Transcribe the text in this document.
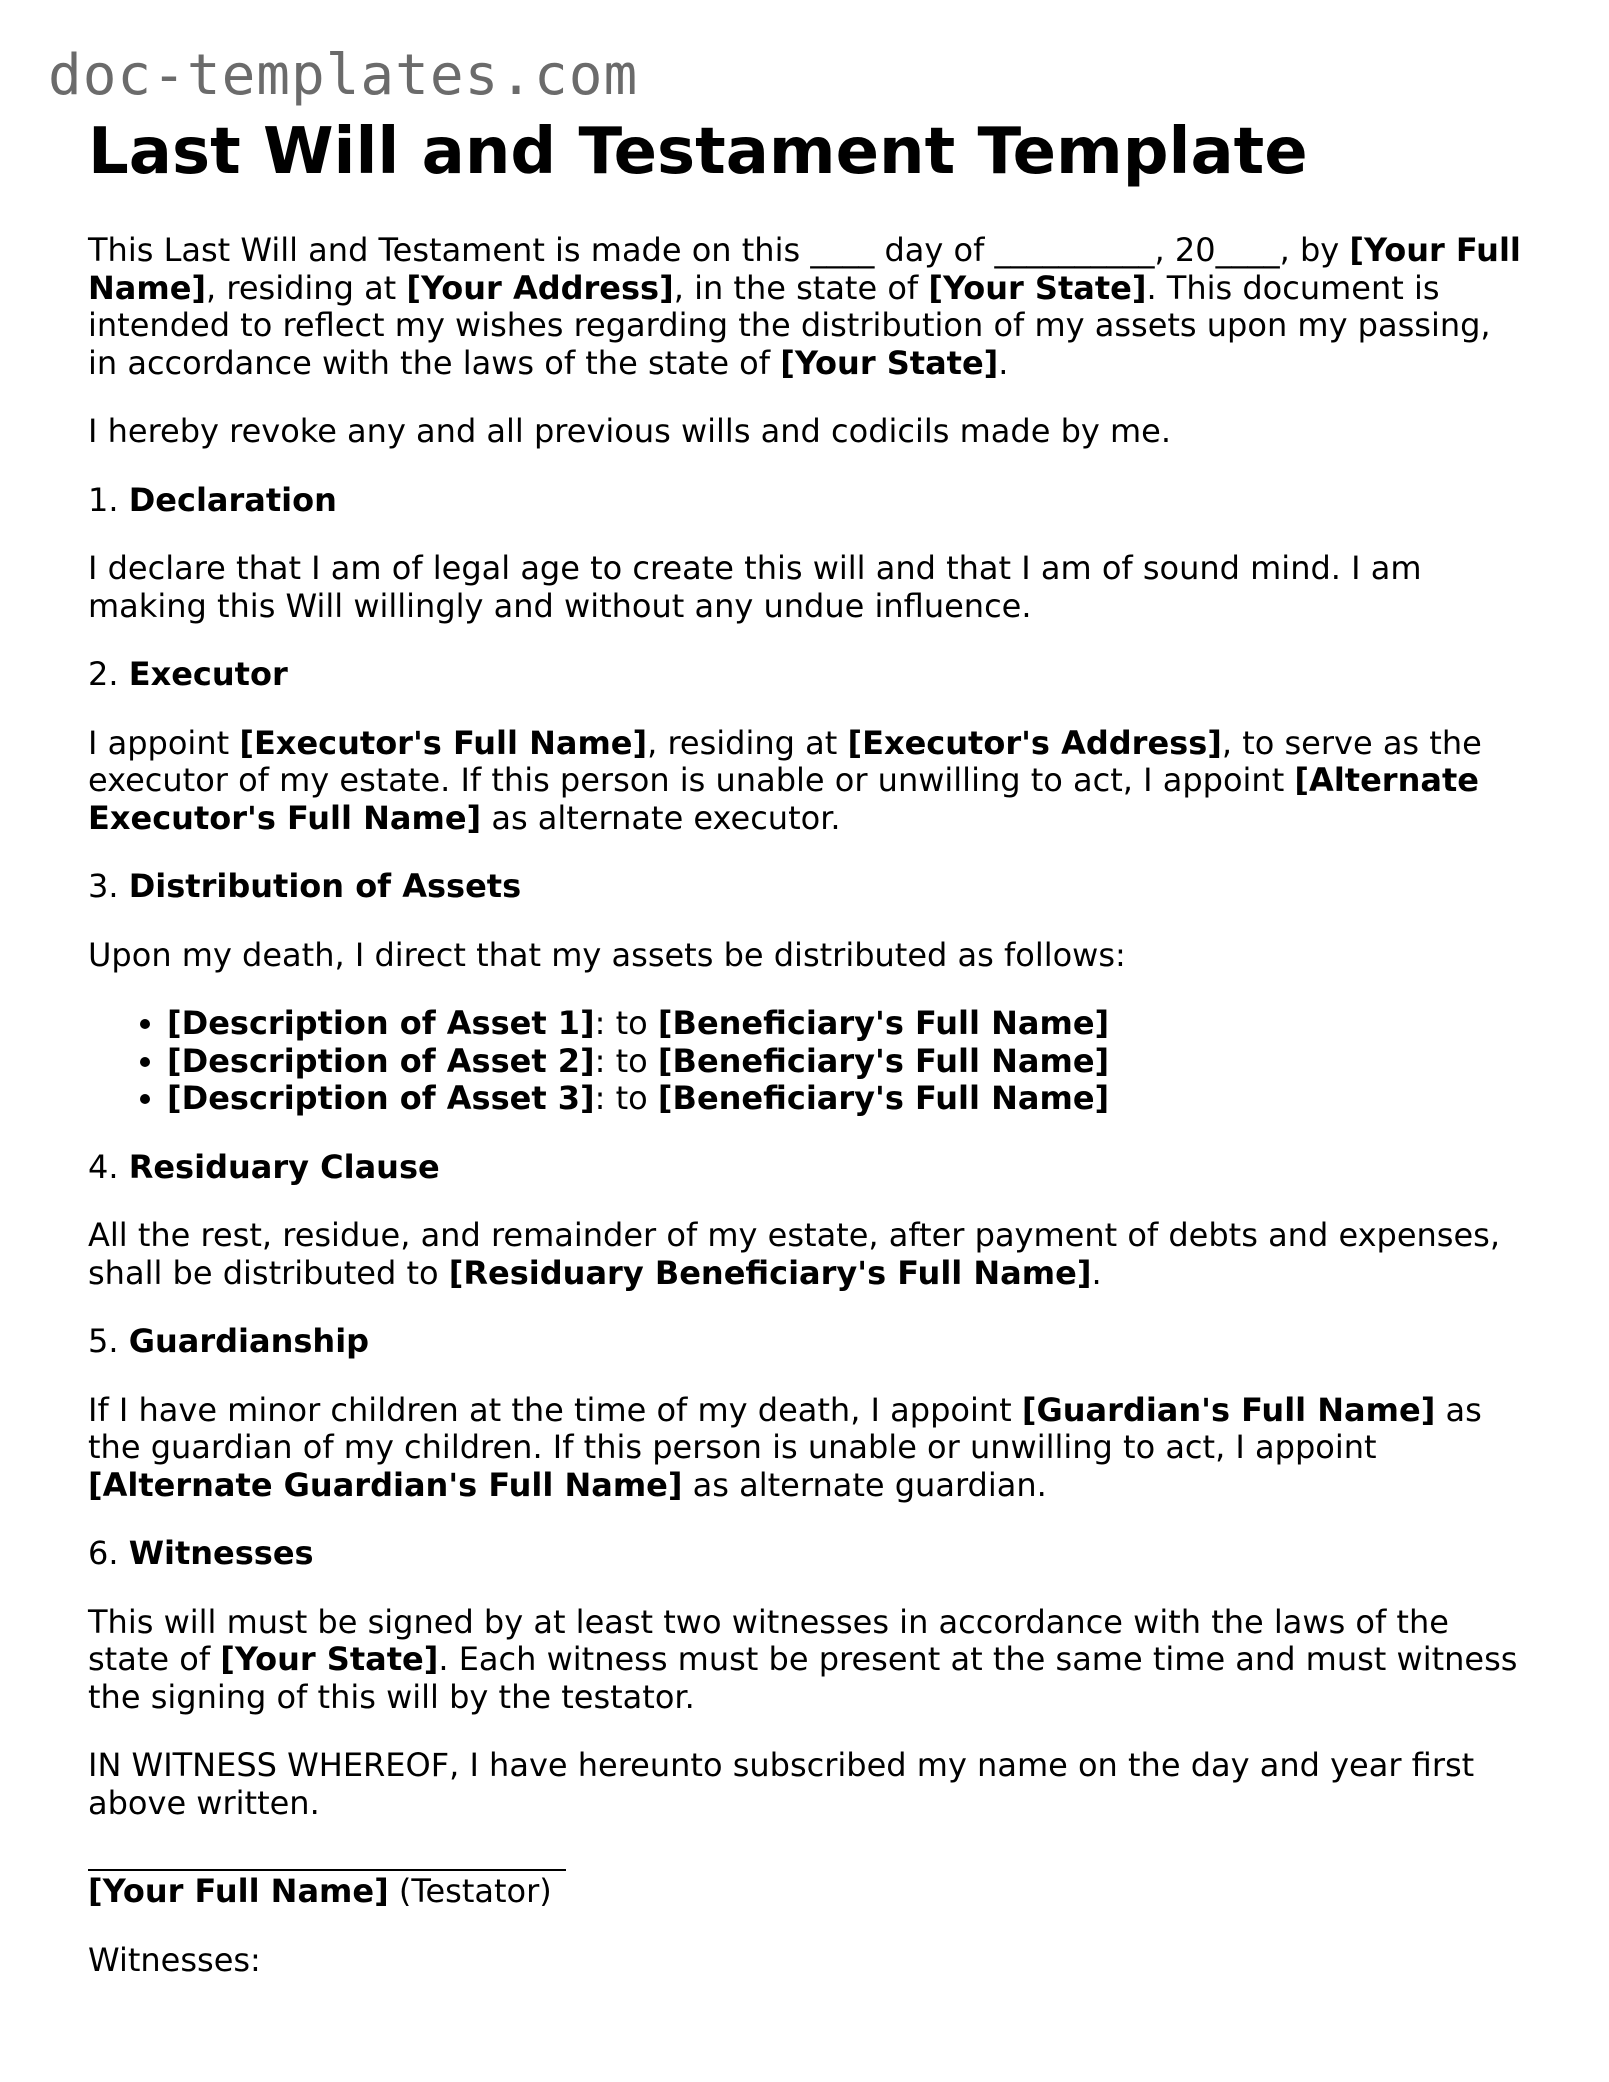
doc-templates.com
Last Will and Testament Template

This Last Will and Testament is made on this ____ day of __________, 20____, by [Your Full Name], residing at [Your Address], in the state of [Your State]. This document is intended to reflect my wishes regarding the distribution of my assets upon my passing, in accordance with the laws of the state of [Your State].

I hereby revoke any and all previous wills and codicils made by me.

1. Declaration

I declare that I am of legal age to create this will and that I am of sound mind. I am making this Will willingly and without any undue influence.

2. Executor

I appoint [Executor's Full Name], residing at [Executor's Address], to serve as the executor of my estate. If this person is unable or unwilling to act, I appoint [Alternate Executor's Full Name] as alternate executor.

3. Distribution of Assets

Upon my death, I direct that my assets be distributed as follows:

• [Description of Asset 1]: to [Beneficiary's Full Name]
• [Description of Asset 2]: to [Beneficiary's Full Name]
• [Description of Asset 3]: to [Beneficiary's Full Name]

4. Residuary Clause

All the rest, residue, and remainder of my estate, after payment of debts and expenses, shall be distributed to [Residuary Beneficiary's Full Name].

5. Guardianship

If I have minor children at the time of my death, I appoint [Guardian's Full Name] as the guardian of my children. If this person is unable or unwilling to act, I appoint [Alternate Guardian's Full Name] as alternate guardian.

6. Witnesses

This will must be signed by at least two witnesses in accordance with the laws of the state of [Your State]. Each witness must be present at the same time and must witness the signing of this will by the testator.

IN WITNESS WHEREOF, I have hereunto subscribed my name on the day and year first above written.

[Your Full Name] (Testator)

Witnesses:
